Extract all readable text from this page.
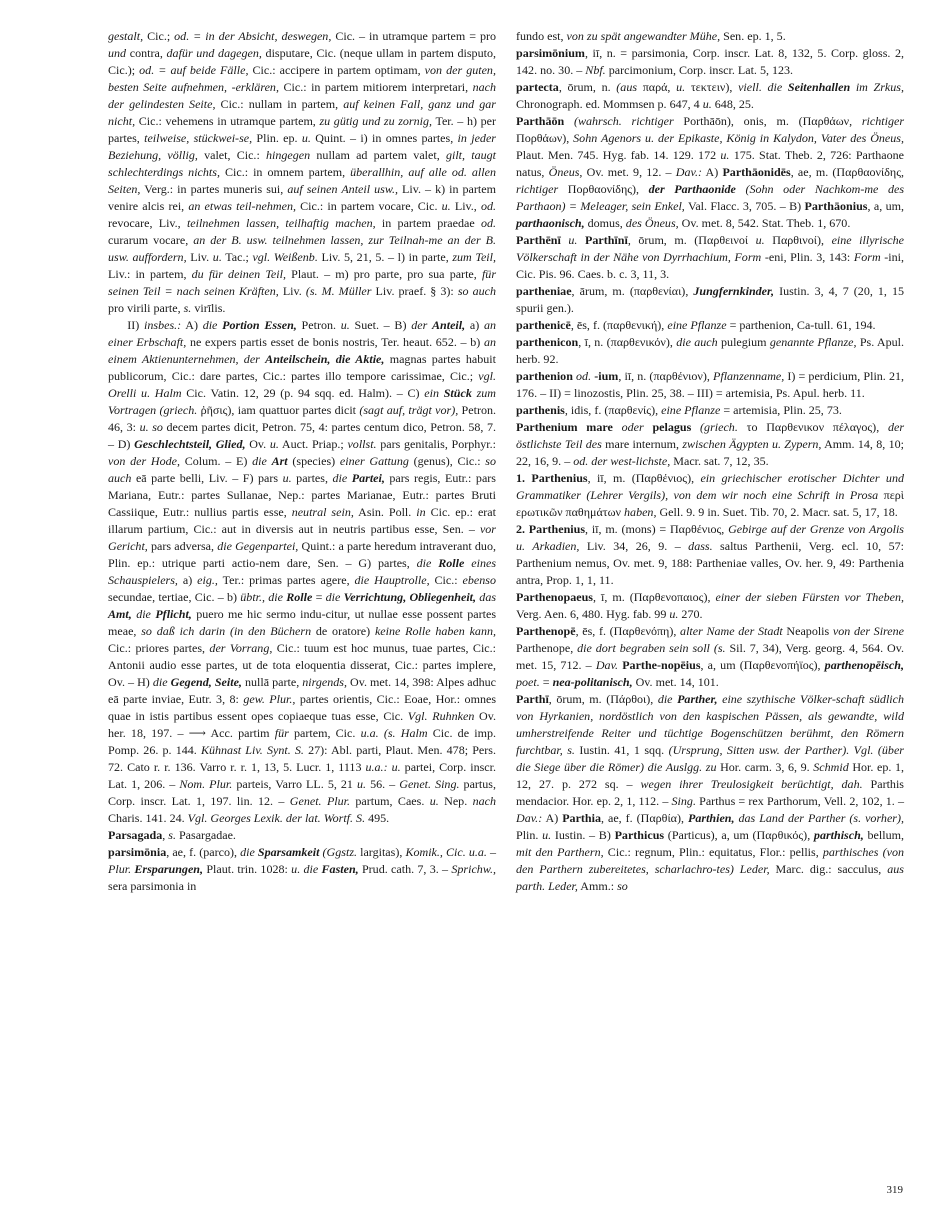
gestalt, Cic.; od. = in der Absicht, deswegen, Cic. – in utramque partem = pro und contra, dafür und dagegen, disputare, Cic. (neque ullam in partem disputo, Cic.); od. = auf beide Fälle, Cic.: accipere in partem optimam, von der guten, besten Seite aufnehmen, -erklären, Cic.: in partem mitiorem interpretari, nach der gelindesten Seite, Cic.: nullam in partem, auf keinen Fall, ganz und gar nicht, Cic.: vehemens in utramque partem, zu gütig und zu zornig, Ter. – h) per partes, teilweise, stückwei-se, Plin. ep. u. Quint. – i) in omnes partes, in jeder Beziehung, völlig, valet, Cic.: hingegen nullam ad partem valet, gilt, taugt schlechterdings nichts, Cic.: in omnem partem, überallhin, auf alle od. allen Seiten, Verg.: in partes muneris sui, auf seinen Anteil usw., Liv. – k) in partem venire alcis rei, an etwas teil-nehmen, Cic.: in partem vocare, Cic. u. Liv., od. revocare, Liv., teilnehmen lassen, teilhaftig machen, in partem praedae od. curarum vocare, an der B. usw. teilnehmen lassen, zur Teilnah-me an der B. usw. auffordern, Liv. u. Tac.; vgl. Weißenb. Liv. 5, 21, 5. – l) in parte, zum Teil, Liv.: in partem, du für deinen Teil, Plaut. – m) pro parte, pro sua parte, für seinen Teil = nach seinen Kräften, Liv. (s. M. Müller Liv. praef. § 3): so auch pro virili parte, s. virīlis.

II) insbes.: A) die Portion Essen, Petron. u. Suet. – B) der Anteil, a) an einer Erbschaft, ne expers partis esset de bonis nostris, Ter. heaut. 652. – b) an einem Aktienunternehmen, der Anteilschein, die Aktie, magnas partes habuit publicorum, Cic.: dare partes, Cic.: partes illo tempore carissimae, Cic.; vgl. Orelli u. Halm Cic. Vatin. 12, 29 (p. 94 sqq. ed. Halm). – C) ein Stück zum Vortragen (griech. ῥῆσις), iam quattuor partes dicit (sagt auf, trägt vor), Petron. 46, 3: u. so decem partes dicit, Petron. 75, 4: partes centum dico, Petron. 58, 7. – D) Geschlechtsteil, Glied, Ov. u. Auct. Priap.; vollst. pars genitalis, Porphyr.: von der Hode, Colum. – E) die Art (species) einer Gattung (genus), Cic.: so auch eā parte belli, Liv. – F) pars u. partes, die Partei, pars regis, Eutr.: pars Mariana, Eutr.: partes Sullanae, Nep.: partes Marianae, Eutr.: partes Bruti Cassiique, Eutr.: nullius partis esse, neutral sein, Asin. Poll. in Cic. ep.: erat illarum partium, Cic.: aut in diversis aut in neutris partibus esse, Sen. – vor Gericht, pars adversa, die Gegenpartei, Quint.: a parte heredum intraverant duo, Plin. ep.: utrique parti actio-nem dare, Sen. – G) partes, die Rolle eines Schauspielers, a) eig., Ter.: primas partes agere, die Hauptrolle, Cic.: ebenso secundae, tertiae, Cic. – b) übtr., die Rolle = die Verrichtung, Obliegenheit, das Amt, die Pflicht, puero me hic sermo indu-citur, ut nullae esse possent partes meae, so daß ich darin (in den Büchern de oratore) keine Rolle haben kann, Cic.: priores partes, der Vorrang, Cic.: tuum est hoc munus, tuae partes, Cic.: Antonii audio esse partes, ut de tota eloquentia disserat, Cic.: partes implere, Ov. – H) die Gegend, Seite, nullā parte, nirgends, Ov. met. 14, 398: Alpes adhuc eā parte inviae, Eutr. 3, 8: gew. Plur., partes orientis, Cic.: Eoae, Hor.: omnes quae in istis partibus essent opes copiaeque tuas esse, Cic. Vgl. Ruhnken Ov. her. 18, 197. – ⟶ Acc. partim für partem, Cic. u.a. (s. Halm Cic. de imp. Pomp. 26. p. 144. Kühnast Liv. Synt. S. 27): Abl. parti, Plaut. Men. 478; Pers. 72. Cato r. r. 136. Varro r. r. 1, 13, 5. Lucr. 1, 1113 u.a.: u. partei, Corp. inscr. Lat. 1, 206. – Nom. Plur. parteis, Varro LL. 5, 21 u. 56. – Genet. Sing. partus, Corp. inscr. Lat. 1, 197. lin. 12. – Genet. Plur. partum, Caes. u. Nep. nach Charis. 141. 24. Vgl. Georges Lexik. der lat. Wortf. S. 495.

Parsagada, s. Pasargadae.

parsimōnia, ae, f. (parco), die Sparsamkeit (Ggstz. largitas), Komik., Cic. u.a. – Plur. Ersparungen, Plaut. trin. 1028: u. die Fasten, Prud. cath. 7, 3. – Sprichw., sera parsimonia in

fundo est, von zu spät angewandter Mühe, Sen. ep. 1, 5.

parsimōnium, iī, n. = parsimonia, Corp. inscr. Lat. 8, 132, 5. Corp. gloss. 2, 142. no. 30. – Nbf. parcimonium, Corp. inscr. Lat. 5, 123.

partecta, ōrum, n. (aus παρά, u. τεκτειν), viell. die Seitenhallen im Zrkus, Chronograph. ed. Mommsen p. 647, 4 u. 648, 25.

Parthāōn (wahrsch. richtiger Porthāōn), onis, m. (Παρθάων, richtiger Πορθάων), Sohn Agenors u. der Epikaste, König in Kalydon, Vater des Öneus, Plaut. Men. 745. Hyg. fab. 14. 129. 172 u. 175. Stat. Theb. 2, 726: Parthaone natus, Öneus, Ov. met. 9, 12. – Dav.: A) Parthāonidēs, ae, m. (Παρθαονίδης, richtiger Πορθαονίδης), der Parthaonide (Sohn oder Nachkom-me des Parthaon) = Meleager, sein Enkel, Val. Flacc. 3, 705. – B) Parthāonius, a, um, parthaonisch, domus, des Öneus, Ov. met. 8, 542. Stat. Theb. 1, 670.

Parthēnī u. Parthīnī, ōrum, m. (Παρθεινοί u. Παρθινοί), eine illyrische Völkerschaft in der Nähe von Dyrrhachium, Form -eni, Plin. 3, 143: Form -ini, Cic. Pis. 96. Caes. b. c. 3, 11, 3.

partheniae, ārum, m. (παρθενίαι), Jungfernkinder, Iustin. 3, 4, 7 (20, 1, 15 spurii gen.).

parthenicē, ēs, f. (παρθενική), eine Pflanze = parthenion, Ca-tull. 61, 194.

parthenicon, ī, n. (παρθενικόν), die auch pulegium genannte Pflanze, Ps. Apul. herb. 92.

parthenion od. -ium, iī, n. (παρθένιον), Pflanzenname, I) = perdicium, Plin. 21, 176. – II) = linozostis, Plin. 25, 38. – III) = artemisia, Ps. Apul. herb. 11.

parthenis, idis, f. (παρθενίς), eine Pflanze = artemisia, Plin. 25, 73.

Parthenium mare oder pelagus (griech. το Παρθενικον πέλαγος), der östlichste Teil des mare internum, zwischen Ägypten u. Zypern, Amm. 14, 8, 10; 22, 16, 9. – od. der west-lichste, Macr. sat. 7, 12, 35.

1. Parthenius, iī, m. (Παρθένιος), ein griechischer erotischer Dichter und Grammatiker (Lehrer Vergils), von dem wir noch eine Schrift in Prosa περὶ ερωτικῶν παθημάτων haben, Gell. 9. 9 in. Suet. Tib. 70, 2. Macr. sat. 5, 17, 18.

2. Parthenius, iī, m. (mons) = Παρθένιος, Gebirge auf der Grenze von Argolis u. Arkadien, Liv. 34, 26, 9. – dass. saltus Parthenii, Verg. ecl. 10, 57: Parthenium nemus, Ov. met. 9, 188: Partheniae valles, Ov. her. 9, 49: Parthenia antra, Prop. 1, 1, 11.

Parthenopaeus, ī, m. (Παρθενοπαιος), einer der sieben Fürsten vor Theben, Verg. Aen. 6, 480. Hyg. fab. 99 u. 270.

Parthenopē, ēs, f. (Παρθενόπη), alter Name der Stadt Neapolis von der Sirene Parthenope, die dort begraben sein soll (s. Sil. 7, 34), Verg. georg. 4, 564. Ov. met. 15, 712. – Dav. Parthe-nopēius, a, um (Παρθενοπήϊος), parthenopēisch, poet. = nea-politanisch, Ov. met. 14, 101.

Parthī, ōrum, m. (Πάρθοι), die Parther, eine szythische Völker-schaft südlich von Hyrkanien, nordöstlich von den kaspischen Pässen, als gewandte, wild umherstreifende Reiter und tüchtige Bogenschützen berühmt, den Römern furchtbar, s. Iustin. 41, 1 sqq. (Ursprung, Sitten usw. der Parther). Vgl. (über die Siege über die Römer) die Auslgg. zu Hor. carm. 3, 6, 9. Schmid Hor. ep. 1, 12, 27. p. 272 sq. – wegen ihrer Treulosigkeit berüchtigt, dah. Parthis mendacior. Hor. ep. 2, 1, 112. – Sing. Parthus = rex Parthorum, Vell. 2, 102, 1. – Dav.: A) Parthia, ae, f. (Παρθία), Parthien, das Land der Parther (s. vorher), Plin. u. Iustin. – B) Parthicus (Particus), a, um (Παρθικός), parthisch, bellum, mit den Parthern, Cic.: regnum, Plin.: equitatus, Flor.: pellis, parthisches (von den Parthern zubereitetes, scharlachro-tes) Leder, Marc. dig.: sacculus, aus parth. Leder, Amm.: so

319
